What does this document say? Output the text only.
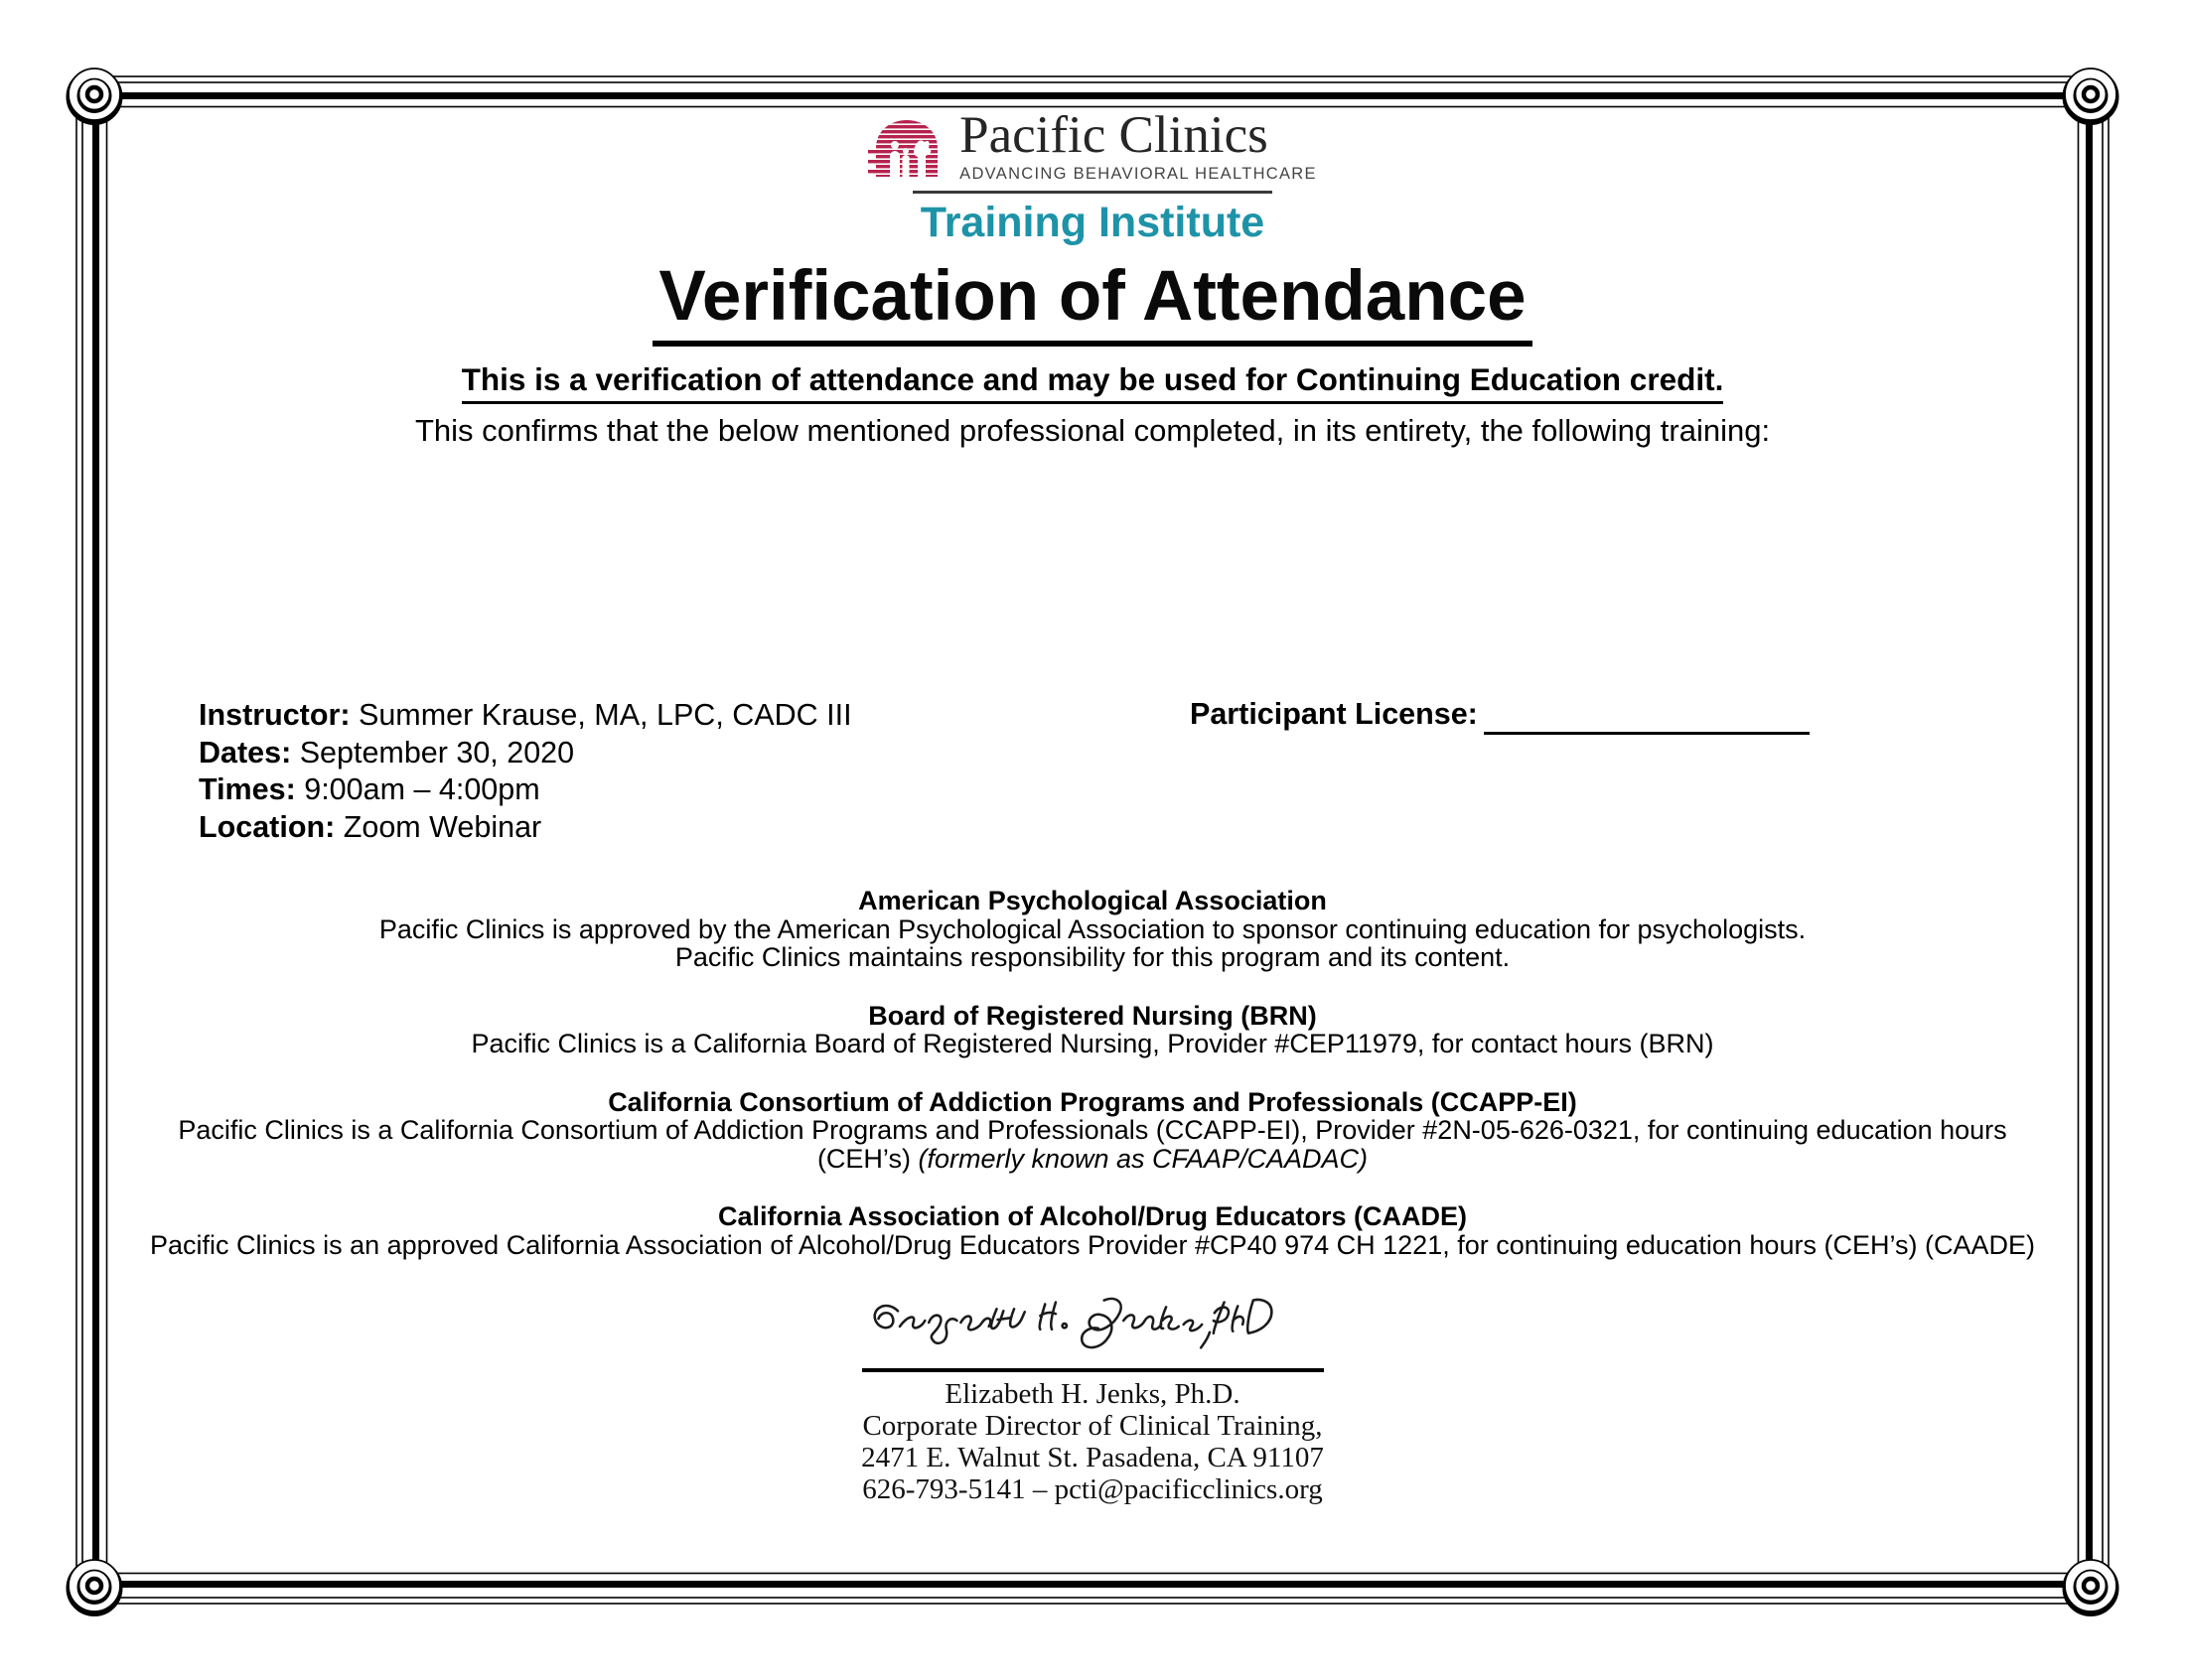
Pacific Clinics
ADVANCING BEHAVIORAL HEALTHCARE
Training Institute
Verification of Attendance
This is a verification of attendance and may be used for Continuing Education credit.
This confirms that the below mentioned professional completed, in its entirety, the following training:
Instructor: Summer Krause, MA, LPC, CADC III
Dates: September 30, 2020
Times: 9:00am – 4:00pm
Location: Zoom Webinar
Participant License:
American Psychological Association
Pacific Clinics is approved by the American Psychological Association to sponsor continuing education for psychologists.
Pacific Clinics maintains responsibility for this program and its content.
Board of Registered Nursing (BRN)
Pacific Clinics is a California Board of Registered Nursing, Provider #CEP11979, for contact hours (BRN)
California Consortium of Addiction Programs and Professionals (CCAPP-EI)
Pacific Clinics is a California Consortium of Addiction Programs and Professionals (CCAPP-EI), Provider #2N-05-626-0321, for continuing education hours
(CEH’s) (formerly known as CFAAP/CAADAC)
California Association of Alcohol/Drug Educators (CAADE)
Pacific Clinics is an approved California Association of Alcohol/Drug Educators Provider #CP40 974 CH 1221, for continuing education hours (CEH’s) (CAADE)
Elizabeth H. Jenks, Ph.D.
Corporate Director of Clinical Training,
2471 E. Walnut St. Pasadena, CA 91107
626-793-5141 – pcti@pacificclinics.org
